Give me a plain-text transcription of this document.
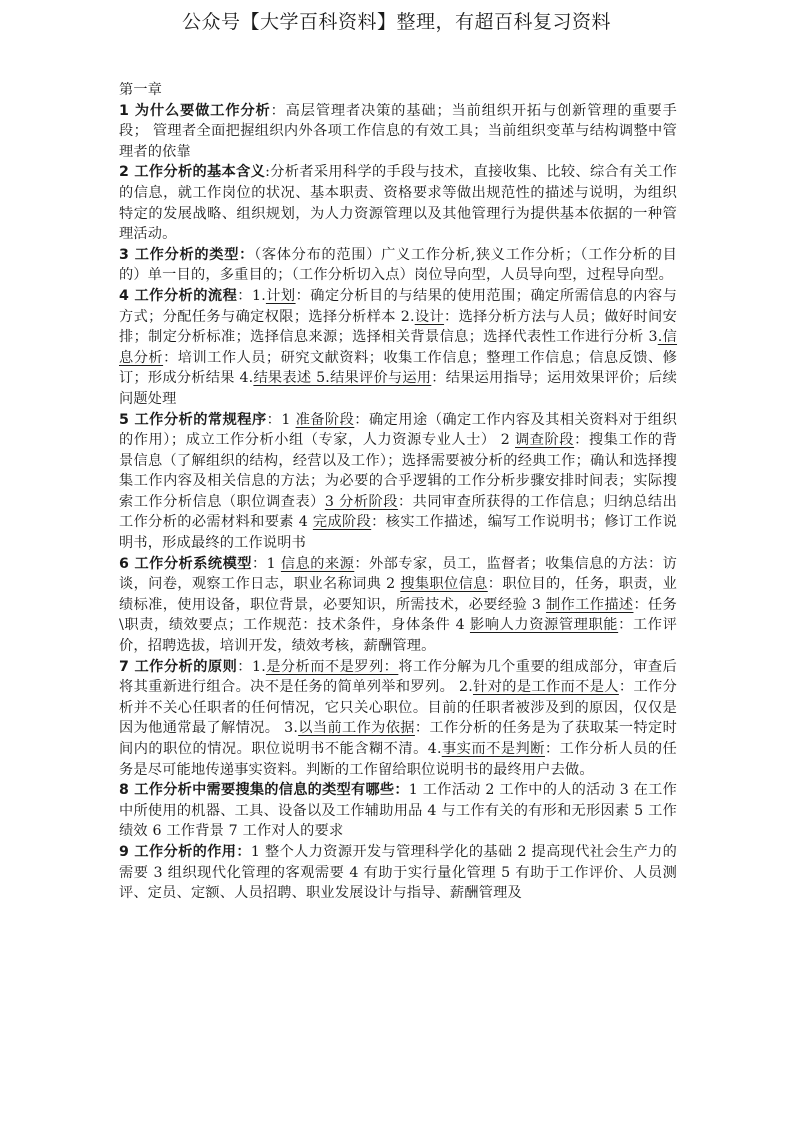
公众号【大学百科资料】整理，有超百科复习资料
第一章
1 为什么要做工作分析：高层管理者决策的基础；当前组织开拓与创新管理的重要手段； 管理者全面把握组织内外各项工作信息的有效工具；当前组织变革与结构调整中管理者的依靠
2 工作分析的基本含义:分析者采用科学的手段与技术，直接收集、比较、综合有关工作的信息，就工作岗位的状况、基本职责、资格要求等做出规范性的描述与说明，为组织特定的发展战略、组织规划，为人力资源管理以及其他管理行为提供基本依据的一种管理活动。
3 工作分析的类型：（客体分布的范围）广义工作分析,狭义工作分析；（工作分析的目的）单一目的，多重目的；（工作分析切入点）岗位导向型，人员导向型，过程导向型。
4 工作分析的流程：1.计划：确定分析目的与结果的使用范围；确定所需信息的内容与方式；分配任务与确定权限；选择分析样本 2.设计：选择分析方法与人员；做好时间安排；制定分析标准；选择信息来源；选择相关背景信息；选择代表性工作进行分析 3.信息分析：培训工作人员；研究文献资料；收集工作信息；整理工作信息；信息反馈、修订；形成分析结果 4.结果表述 5.结果评价与运用：结果运用指导；运用效果评价；后续问题处理
5 工作分析的常规程序：1 准备阶段：确定用途（确定工作内容及其相关资料对于组织的作用）；成立工作分析小组（专家，人力资源专业人士） 2 调查阶段：搜集工作的背景信息（了解组织的结构，经营以及工作）；选择需要被分析的经典工作；确认和选择搜集工作内容及相关信息的方法；为必要的合乎逻辑的工作分析步骤安排时间表；实际搜索工作分析信息（职位调查表）3 分析阶段：共同审查所获得的工作信息；归纳总结出工作分析的必需材料和要素 4 完成阶段：核实工作描述，编写工作说明书；修订工作说明书，形成最终的工作说明书
6 工作分析系统模型：1 信息的来源：外部专家，员工，监督者；收集信息的方法：访谈，问卷，观察工作日志，职业名称词典 2 搜集职位信息：职位目的，任务，职责，业绩标准，使用设备，职位背景，必要知识，所需技术，必要经验 3 制作工作描述：任务\职责，绩效要点；工作规范：技术条件，身体条件 4 影响人力资源管理职能：工作评价，招聘选拔，培训开发，绩效考核，薪酬管理。
7 工作分析的原则：1.是分析而不是罗列：将工作分解为几个重要的组成部分，审查后将其重新进行组合。决不是任务的简单列举和罗列。 2.针对的是工作而不是人：工作分析并不关心任职者的任何情况，它只关心职位。目前的任职者被涉及到的原因，仅仅是因为他通常最了解情况。 3.以当前工作为依据：工作分析的任务是为了获取某一特定时间内的职位的情况。职位说明书不能含糊不清。4.事实而不是判断：工作分析人员的任务是尽可能地传递事实资料。判断的工作留给职位说明书的最终用户去做。
8 工作分析中需要搜集的信息的类型有哪些：1 工作活动 2 工作中的人的活动 3 在工作中所使用的机器、工具、设备以及工作辅助用品 4 与工作有关的有形和无形因素 5 工作绩效 6 工作背景 7 工作对人的要求
9 工作分析的作用：1 整个人力资源开发与管理科学化的基础 2 提高现代社会生产力的需要 3 组织现代化管理的客观需要 4 有助于实行量化管理 5 有助于工作评价、人员测评、定员、定额、人员招聘、职业发展设计与指导、薪酬管理及
